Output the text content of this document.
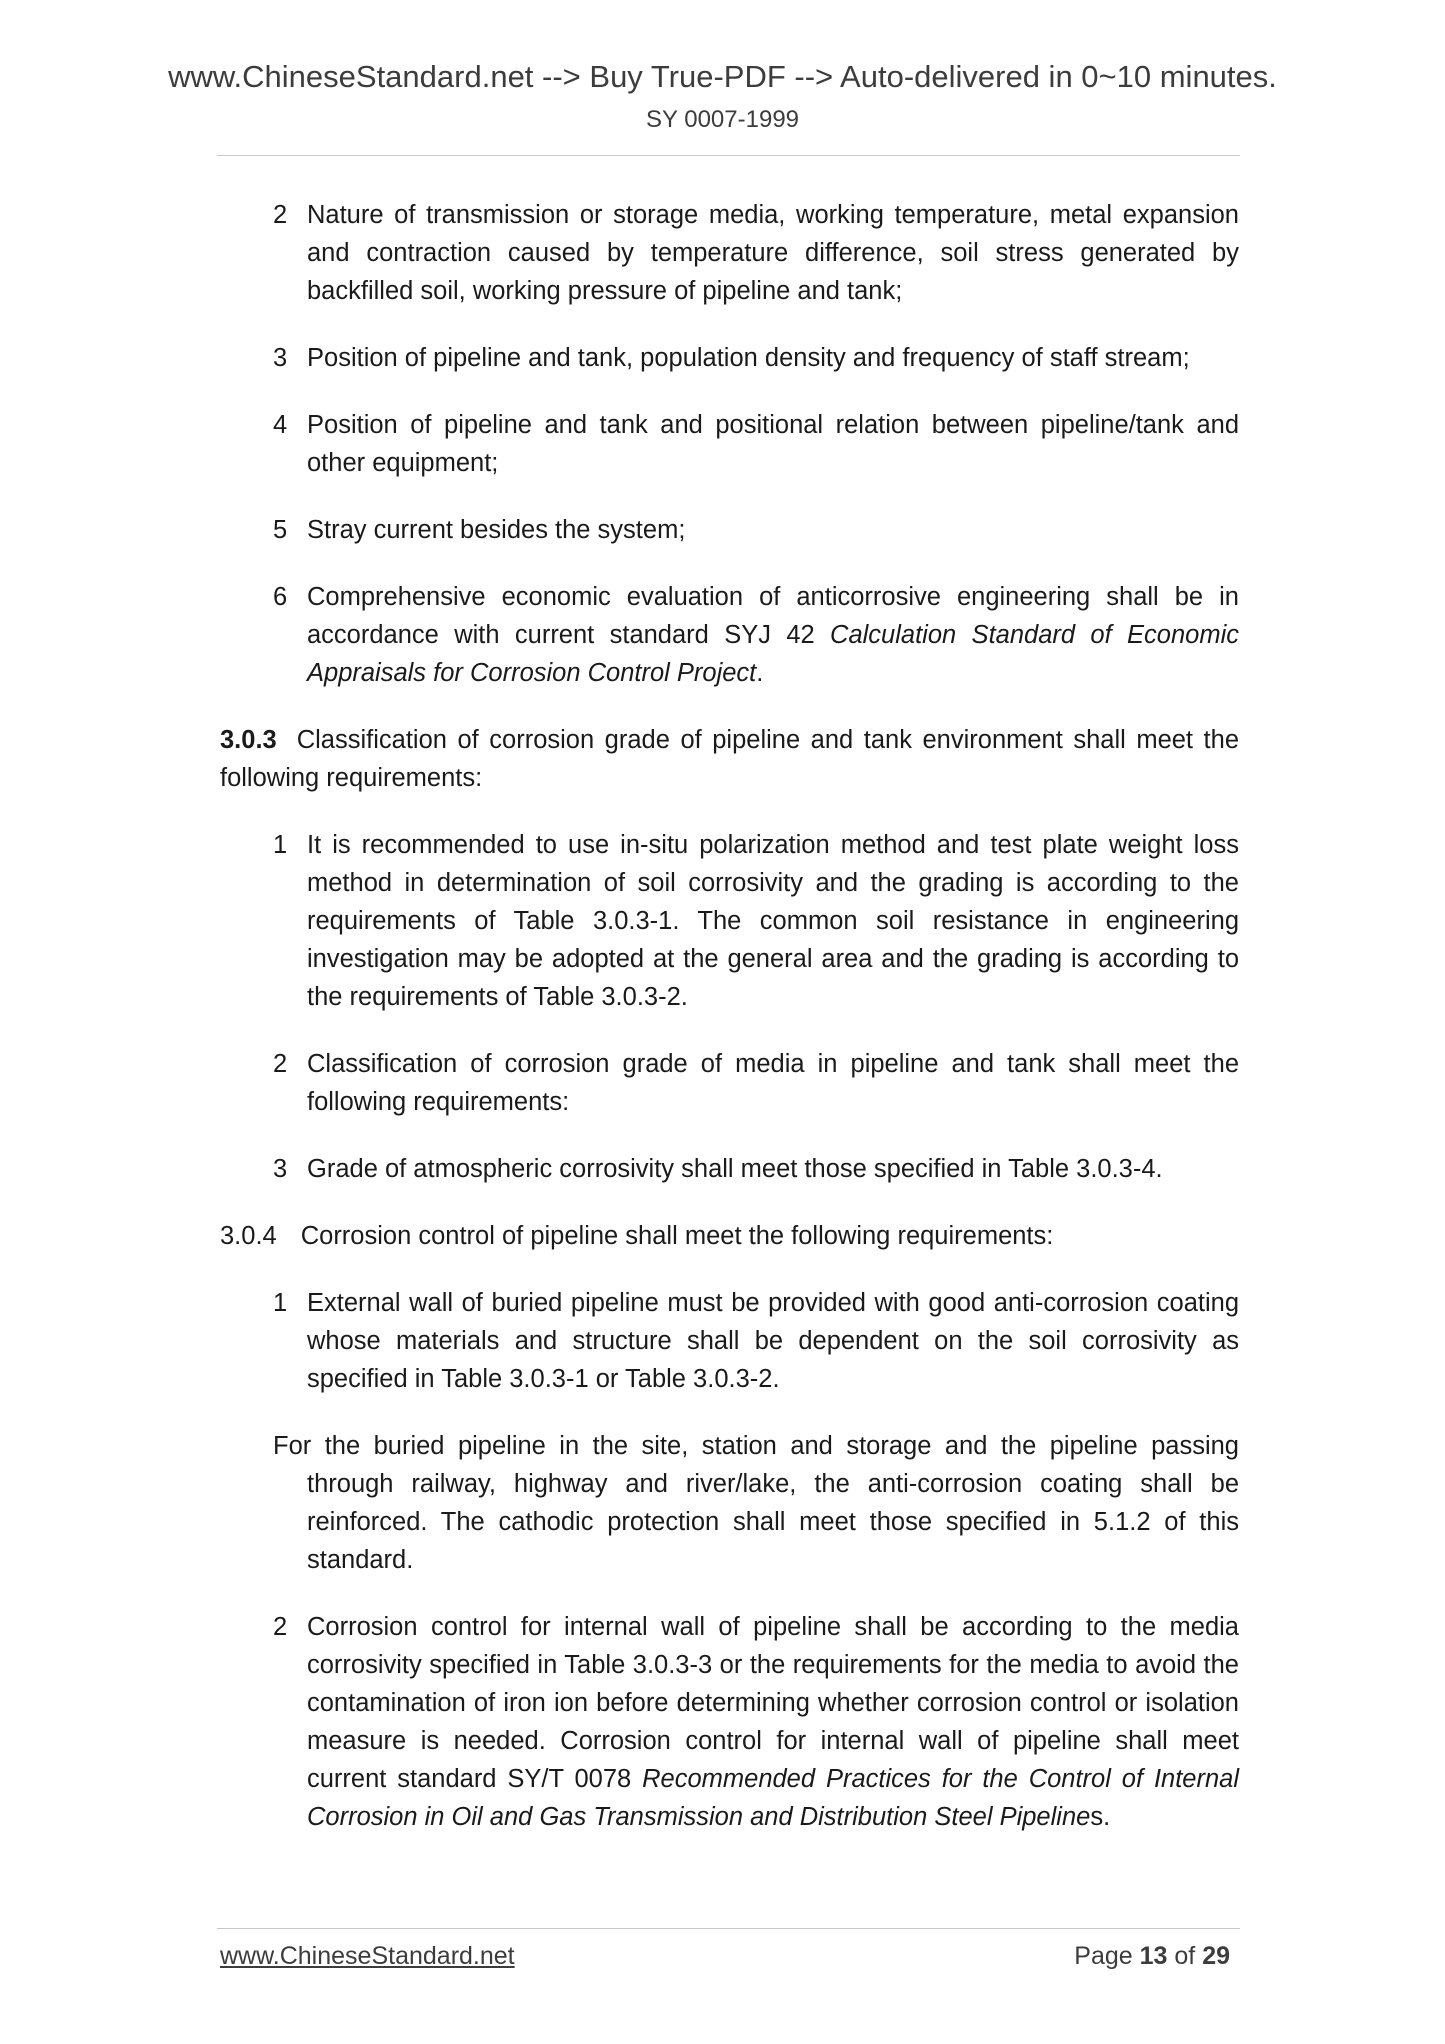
www.ChineseStandard.net --> Buy True-PDF --> Auto-delivered in 0~10 minutes.
SY 0007-1999
2 Nature of transmission or storage media, working temperature, metal expansion and contraction caused by temperature difference, soil stress generated by backfilled soil, working pressure of pipeline and tank;
3 Position of pipeline and tank, population density and frequency of staff stream;
4 Position of pipeline and tank and positional relation between pipeline/tank and other equipment;
5 Stray current besides the system;
6 Comprehensive economic evaluation of anticorrosive engineering shall be in accordance with current standard SYJ 42 Calculation Standard of Economic Appraisals for Corrosion Control Project.
3.0.3 Classification of corrosion grade of pipeline and tank environment shall meet the following requirements:
1 It is recommended to use in-situ polarization method and test plate weight loss method in determination of soil corrosivity and the grading is according to the requirements of Table 3.0.3-1. The common soil resistance in engineering investigation may be adopted at the general area and the grading is according to the requirements of Table 3.0.3-2.
2 Classification of corrosion grade of media in pipeline and tank shall meet the following requirements:
3 Grade of atmospheric corrosivity shall meet those specified in Table 3.0.3-4.
3.0.4 Corrosion control of pipeline shall meet the following requirements:
1 External wall of buried pipeline must be provided with good anti-corrosion coating whose materials and structure shall be dependent on the soil corrosivity as specified in Table 3.0.3-1 or Table 3.0.3-2.
For the buried pipeline in the site, station and storage and the pipeline passing through railway, highway and river/lake, the anti-corrosion coating shall be reinforced. The cathodic protection shall meet those specified in 5.1.2 of this standard.
2 Corrosion control for internal wall of pipeline shall be according to the media corrosivity specified in Table 3.0.3-3 or the requirements for the media to avoid the contamination of iron ion before determining whether corrosion control or isolation measure is needed. Corrosion control for internal wall of pipeline shall meet current standard SY/T 0078 Recommended Practices for the Control of Internal Corrosion in Oil and Gas Transmission and Distribution Steel Pipelines.
www.ChineseStandard.net	Page 13 of 29
